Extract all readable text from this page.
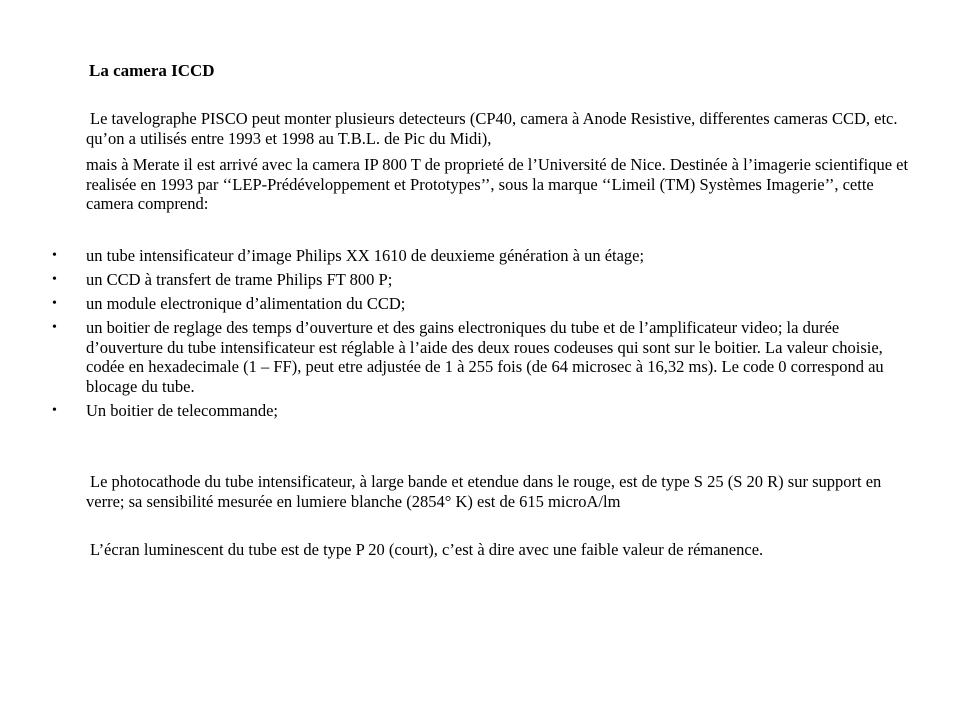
La camera ICCD

Le tavelographe PISCO peut monter plusieurs detecteurs (CP40, camera à Anode Resistive, differentes cameras CCD, etc. qu’on a utilisés entre 1993 et 1998 au T.B.L. de Pic du Midi),

mais à Merate il est arrivé avec la camera IP 800 T de proprieté de l’Université de Nice. Destinée à l’imagerie scientifique et realisée en 1993 par ‘‘LEP-Prédéveloppement et Prototypes’’, sous la marque ‘‘Limeil (TM) Systèmes Imagerie’’, cette camera comprend:

• un tube intensificateur d’image Philips XX 1610 de deuxieme génération à un étage;
• un CCD à transfert de trame Philips FT 800 P;
• un module electronique d’alimentation du CCD;
• un boitier de reglage des temps d’ouverture et des gains electroniques du tube et de l’amplificateur video; la durée d’ouverture du tube intensificateur est réglable à l’aide des deux roues codeuses qui sont sur le boitier. La valeur choisie, codée en hexadecimale (1 – FF), peut etre adjustée de 1 à 255 fois (de 64 microsec à 16,32 ms). Le code 0 correspond au blocage du tube.
• Un boitier de telecommande;

Le photocathode du tube intensificateur, à large bande et etendue dans le rouge, est de type S 25 (S 20 R) sur support en verre; sa sensibilité mesurée en lumiere blanche (2854° K) est de 615 microA/lm

L’écran luminescent du tube est de type P 20 (court), c’est à dire avec une faible valeur de rémanence.
